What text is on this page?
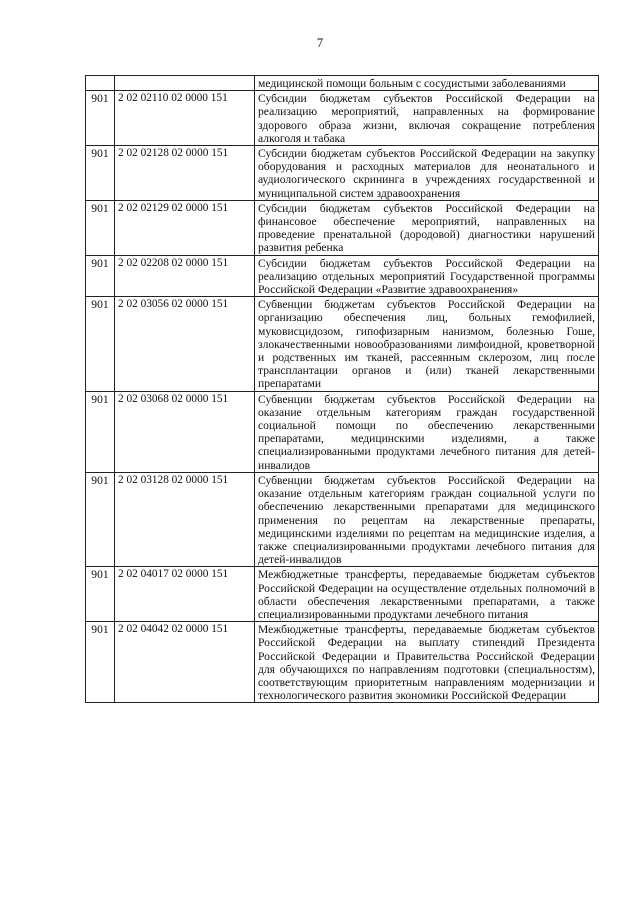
7
		медицинской помощи больным с сосудистыми заболеваниями
901	2 02 02110 02 0000 151	Субсидии бюджетам субъектов Российской Федерации на реализацию мероприятий, направленных на формирование здорового образа жизни, включая сокращение потребления алкоголя и табака
901	2 02 02128 02 0000 151	Субсидии бюджетам субъектов Российской Федерации на закупку оборудования и расходных материалов для неонатального и аудиологического скрининга в учреждениях государственной и муниципальной систем здравоохранения
901	2 02 02129 02 0000 151	Субсидии бюджетам субъектов Российской Федерации на финансовое обеспечение мероприятий, направленных на проведение пренатальной (дородовой) диагностики нарушений развития ребенка
901	2 02 02208 02 0000 151	Субсидии бюджетам субъектов Российской Федерации на реализацию отдельных мероприятий Государственной программы Российской Федерации «Развитие здравоохранения»
901	2 02 03056 02 0000 151	Субвенции бюджетам субъектов Российской Федерации на организацию обеспечения лиц, больных гемофилией, муковисцидозом, гипофизарным нанизмом, болезнью Гоше, злокачественными новообразованиями лимфоидной, кроветворной и родственных им тканей, рассеянным склерозом, лиц после трансплантации органов и (или) тканей лекарственными препаратами
901	2 02 03068 02 0000 151	Субвенции бюджетам субъектов Российской Федерации на оказание отдельным категориям граждан государственной социальной помощи по обеспечению лекарственными препаратами, медицинскими изделиями, а также специализированными продуктами лечебного питания для детей-инвалидов
901	2 02 03128 02 0000 151	Субвенции бюджетам субъектов Российской Федерации на оказание отдельным категориям граждан социальной услуги по обеспечению лекарственными препаратами для медицинского применения по рецептам на лекарственные препараты, медицинскими изделиями по рецептам на медицинские изделия, а также специализированными продуктами лечебного питания для детей-инвалидов
901	2 02 04017 02 0000 151	Межбюджетные трансферты, передаваемые бюджетам субъектов Российской Федерации на осуществление отдельных полномочий в области обеспечения лекарственными препаратами, а также специализированными продуктами лечебного питания
901	2 02 04042 02 0000 151	Межбюджетные трансферты, передаваемые бюджетам субъектов Российской Федерации на выплату стипендий Президента Российской Федерации и Правительства Российской Федерации для обучающихся по направлениям подготовки (специальностям), соответствующим приоритетным направлениям модернизации и технологического развития экономики Российской Федерации
